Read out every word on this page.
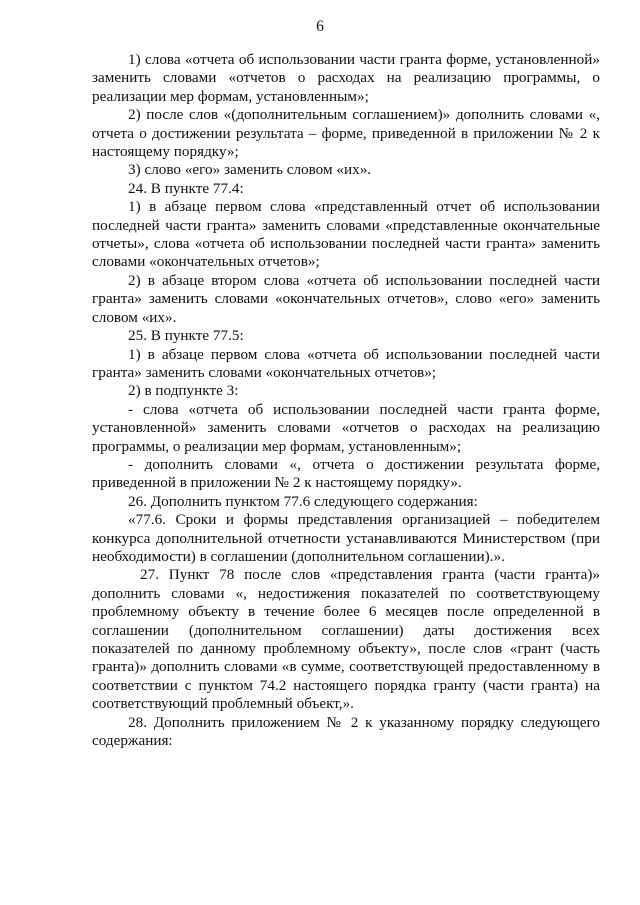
6

1) слова «отчета об использовании части гранта форме, установленной» заменить словами «отчетов о расходах на реализацию программы, о реализации мер формам, установленным»;

2) после слов «(дополнительным соглашением)» дополнить словами «, отчета о достижении результата – форме, приведенной в приложении № 2 к настоящему порядку»;

3) слово «его» заменить словом «их».

24. В пункте 77.4:

1) в абзаце первом слова «представленный отчет об использовании последней части гранта» заменить словами «представленные окончательные отчеты», слова «отчета об использовании последней части гранта» заменить словами «окончательных отчетов»;

2) в абзаце втором слова «отчета об использовании последней части гранта» заменить словами «окончательных отчетов», слово «его» заменить словом «их».

25. В пункте 77.5:

1) в абзаце первом слова «отчета об использовании последней части гранта» заменить словами «окончательных отчетов»;

2) в подпункте 3:

- слова «отчета об использовании последней части гранта форме, установленной» заменить словами «отчетов о расходах на реализацию программы, о реализации мер формам, установленным»;

- дополнить словами «, отчета о достижении результата форме, приведенной в приложении № 2 к настоящему порядку».

26. Дополнить пунктом 77.6 следующего содержания:

«77.6. Сроки и формы представления организацией – победителем конкурса дополнительной отчетности устанавливаются Министерством (при необходимости) в соглашении (дополнительном соглашении).».

27. Пункт 78 после слов «представления гранта (части гранта)» дополнить словами «, недостижения показателей по соответствующему проблемному объекту в течение более 6 месяцев после определенной в соглашении (дополнительном соглашении) даты достижения всех показателей по данному проблемному объекту», после слов «грант (часть гранта)» дополнить словами «в сумме, соответствующей предоставленному в соответствии с пунктом 74.2 настоящего порядка гранту (части гранта) на соответствующий проблемный объект,».

28. Дополнить приложением № 2 к указанному порядку следующего содержания:
